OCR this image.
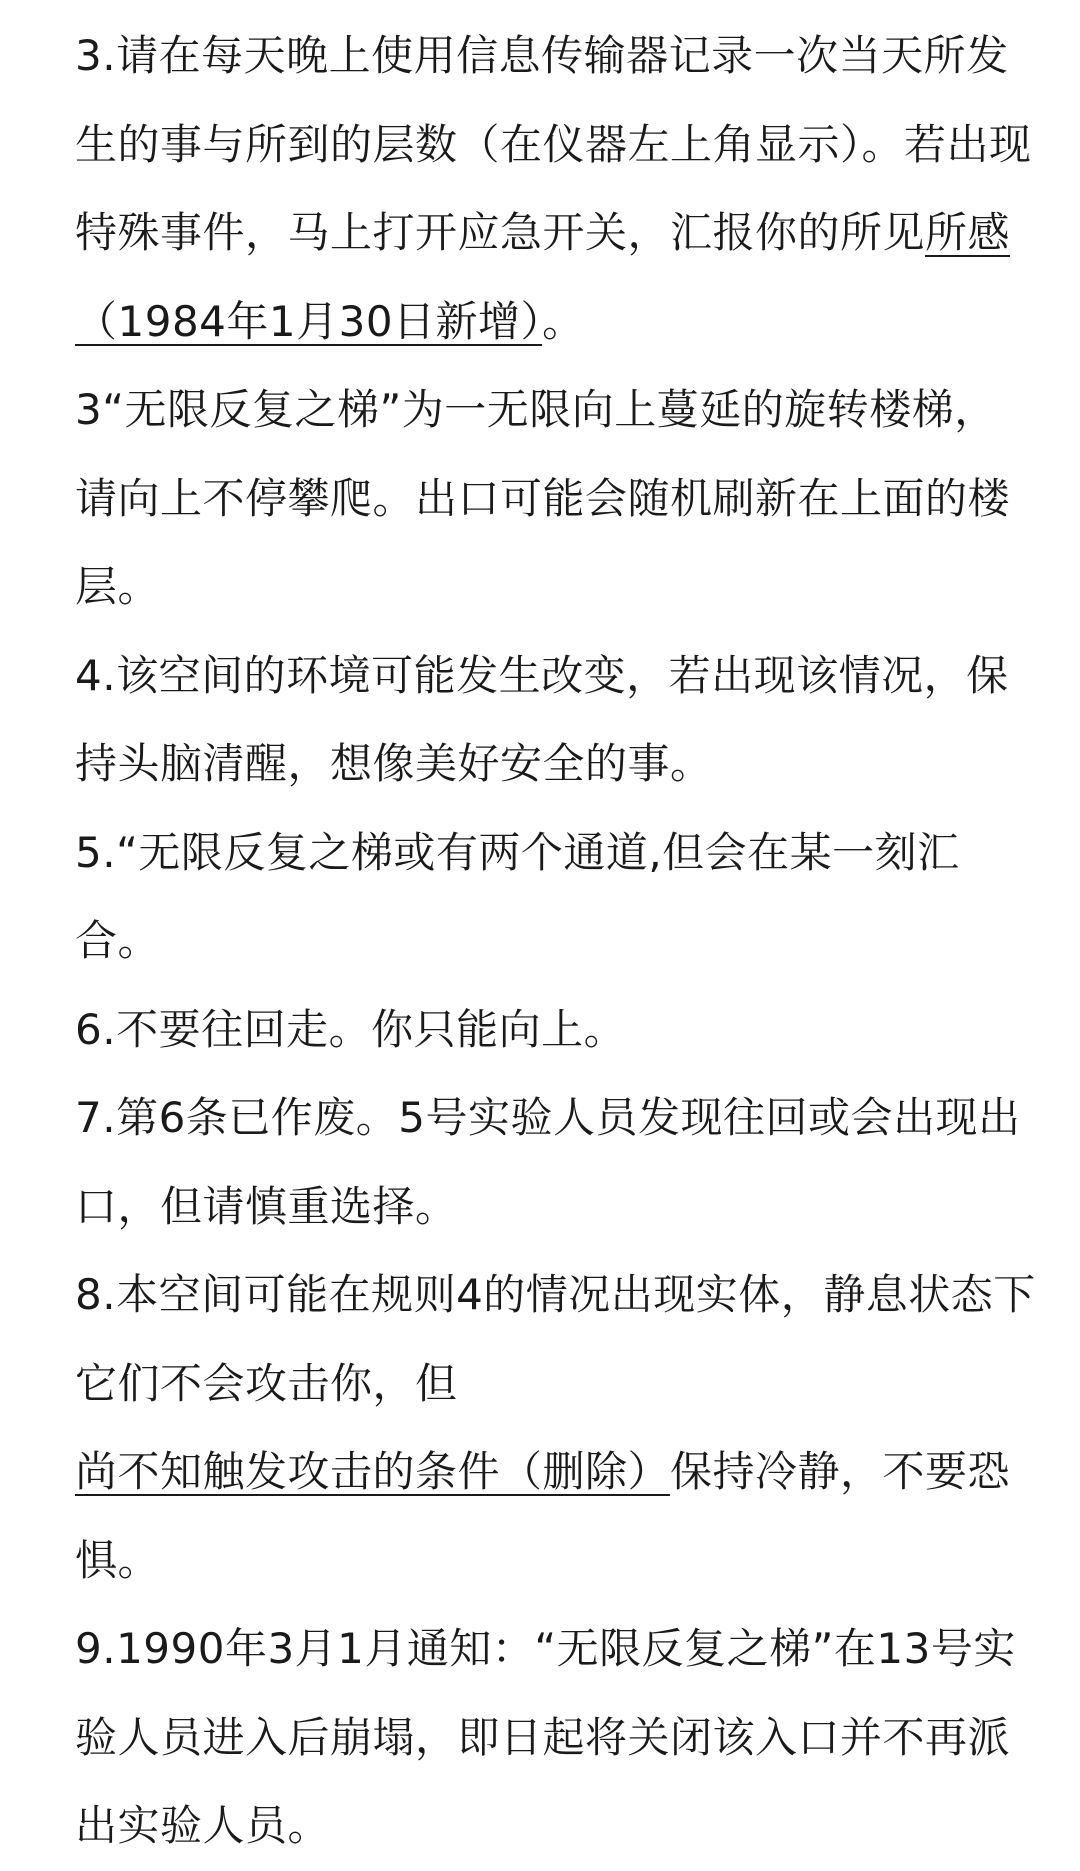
3.请在每天晚上使用信息传输器记录一次当天所发生的事与所到的层数（在仪器左上角显示）。若出现特殊事件，马上打开应急开关，汇报你的所见所感（1984年1月30日新增）。

3“无限反复之梯”为一无限向上蔓延的旋转楼梯，请向上不停攀爬。出口可能会随机刷新在上面的楼层。

4.该空间的环境可能发生改变，若出现该情况，保持头脑清醒，想像美好安全的事。

5.“无限反复之梯或有两个通道,但会在某一刻汇合。

6.不要往回走。你只能向上。

7.第6条已作废。5号实验人员发现往回或会出现出口，但请慎重选择。

8.本空间可能在规则4的情况出现实体，静息状态下它们不会攻击你，但尚不知触发攻击的条件（删除）保持冷静，不要恐惧。

9.1990年3月1月通知：“无限反复之梯”在13号实验人员进入后崩塌，即日起将关闭该入口并不再派出实验人员。
